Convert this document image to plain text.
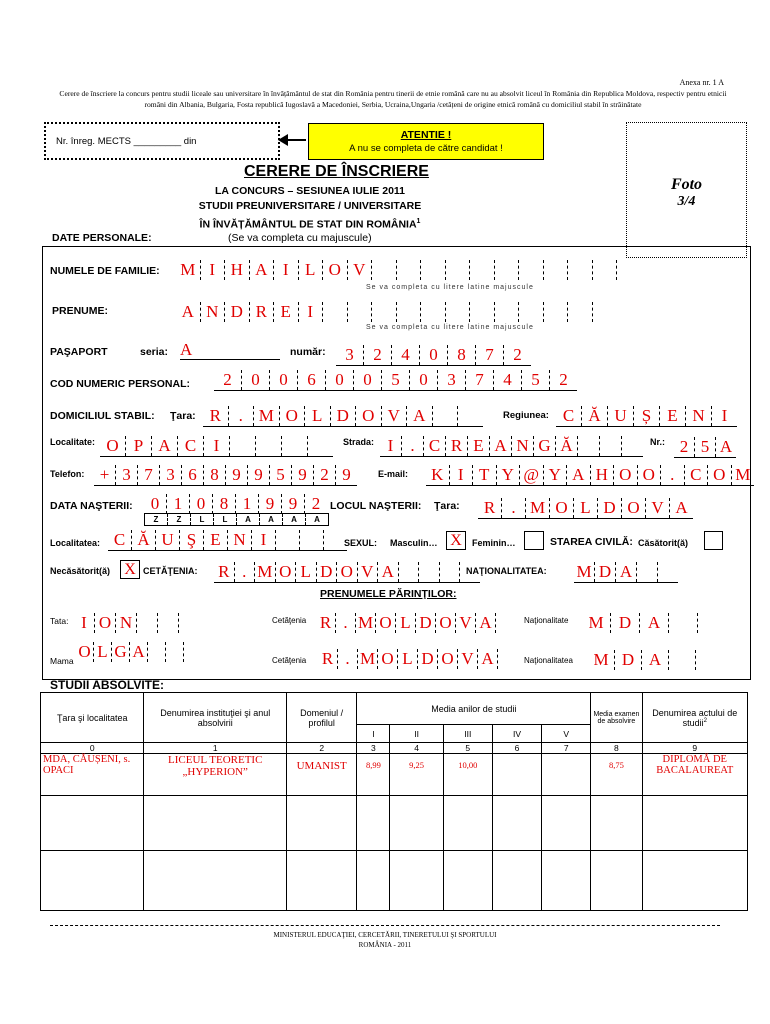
Anexa nr. 1 A
Cerere de înscriere la concurs pentru studii liceale sau universitare în învățământul de stat din România pentru tinerii de etnie română care nu au absolvit liceul în România din Republica Moldova, respectiv pentru etnicii români din Albania, Bulgaria, Fosta republică Iugoslavă a Macedoniei, Serbia, Ucraina,Ungaria /cetățeni de origine etnică română cu domiciliul stabil în străinătate
Nr. înreg. MECTS _________ din
ATENTIE !
A nu se completa de către candidat !
Foto
3/4
CERERE DE ÎNSCRIERE
LA CONCURS – SESIUNEA IULIE 2011
STUDII PREUNIVERSITARE / UNIVERSITARE
ÎN ÎNVĂȚĂMÂNTUL DE STAT DIN ROMÂNIA$^1$
DATE PERSONALE:	(Se va completa cu majuscule)
NUMELE DE FAMILIE: M I H A I L O V
Se va completa cu litere latine majuscule
PRENUME:	A N D R E I
Se va completa cu litere latine majuscule
PAŞAPORT	seria: A	număr:	3	2	4	0	8	7	2
COD NUMERIC PERSONAL:	2	0	0	6	0	0	5	0	3	7	4	5	2
DOMICILIUL STABIL: Ţara: R	. M O L D O V A	Regiunea: C Ă U Ș E N	I
Localitate: O P A C	I	Strada: I	. C R E A N G Ă	Nr.: 2 5 A
Telefon: + 3 7 3 6 8 9 9 5 9 2 9	E-mail:	K I T Y @ Y A H O O . C O M
DATA NAŞTERII:	0 1 0 8 1 9 9 2
Z	Z	L	L	A	A	A	A
LOCUL NAŞTERII: Ţara:	R . M O L D O V A
Localitatea: C Ă U Ş E N I	SEXUL: Masculin… X	Feminin…	STAREA CIVILĂ: Căsătorit(ă)
Necăsătorit(ă) X CETĂŢENIA: R . M O L D O V A	NAŢIONALITATEA: M D A
PRENUMELE PĂRINŢILOR:
Tata: I O N	Cetăţenia R . M O L D O V A	Naţionalitate	M D A
Mama O L G A	Cetăţenia R . M O L D O V A	Naţionalitatea	M D A
STUDII ABSOLVITE:
Ţara şi localitatea	Denumirea instituţiei şi anul absolvirii	Domeniul / profilul	Media anilor de studii					Media examen de absolvire	Denumirea actului de studii$^2$
			I	II	III	IV	V		
0	1	2	3	4	5	6	7	8	9
MDA, CĂUȘENI, s. OPACI	LICEUL TEORETIC „HYPERION”	UMANIST	8,99	9,25	10,00			8,75	DIPLOMĂ DE BACALAUREAT

MINISTERUL EDUCAŢIEI, CERCETĂRII, TINERETULUI ŞI SPORTULUI
ROMÂNIA - 2011
